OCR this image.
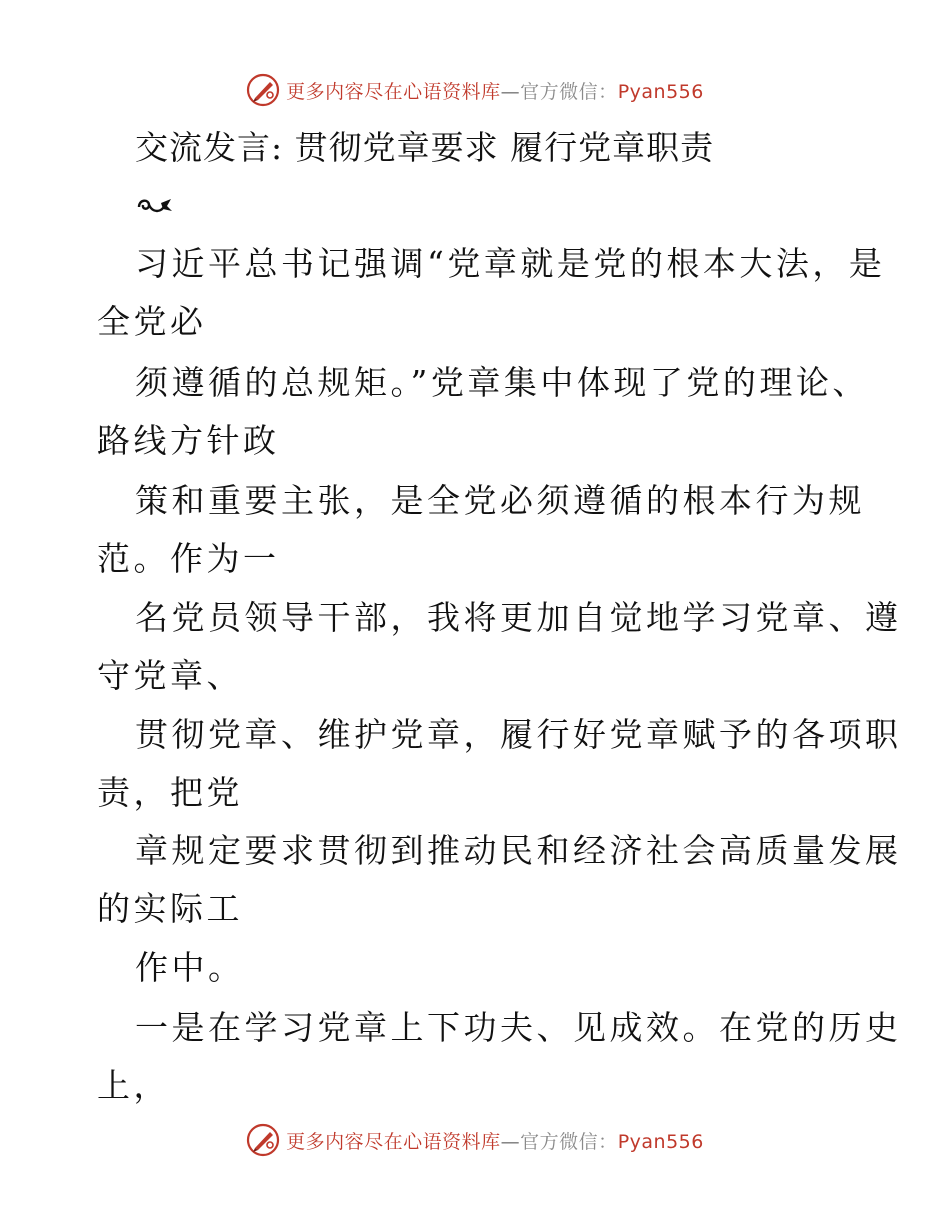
更多内容尽在心语资料库—官方微信：Pyan556
交流发言: 贯彻党章要求 履行党章职责
习近平总书记强调“党章就是党的根本大法，是
全党必
须遵循的总规矩。”党章集中体现了党的理论、
路线方针政
策和重要主张，是全党必须遵循的根本行为规
范。作为一
名党员领导干部，我将更加自觉地学习党章、遵
守党章、
贯彻党章、维护党章，履行好党章赋予的各项职
责，把党
章规定要求贯彻到推动民和经济社会高质量发展
的实际工
作中。
一是在学习党章上下功夫、见成效。在党的历史
上，
更多内容尽在心语资料库—官方微信：Pyan556
